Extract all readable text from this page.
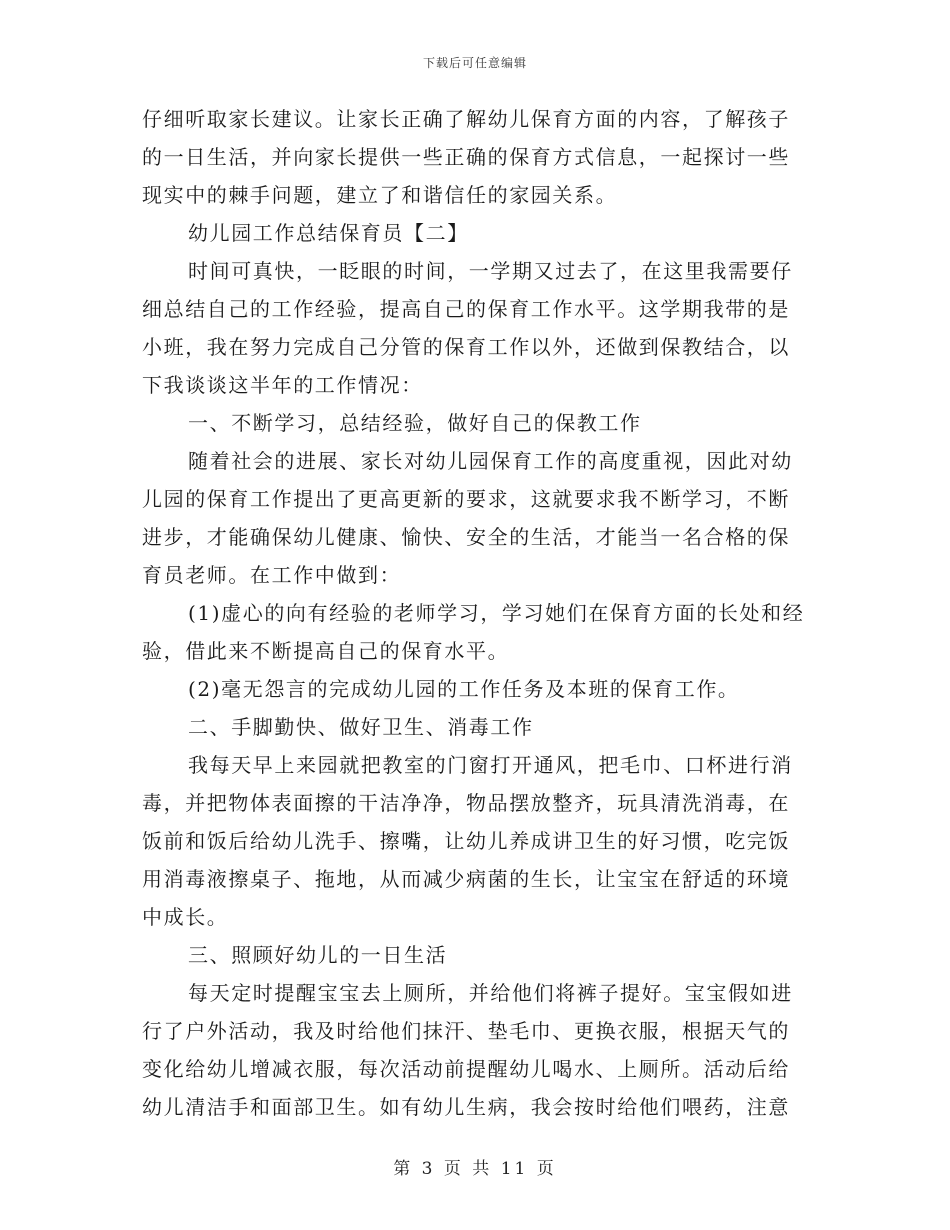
下载后可任意编辑
仔细听取家长建议。让家长正确了解幼儿保育方面的内容，了解孩子
的一日生活，并向家长提供一些正确的保育方式信息，一起探讨一些
现实中的棘手问题，建立了和谐信任的家园关系。
幼儿园工作总结保育员【二】
时间可真快，一眨眼的时间，一学期又过去了，在这里我需要仔
细总结自己的工作经验，提高自己的保育工作水平。这学期我带的是
小班，我在努力完成自己分管的保育工作以外，还做到保教结合，以
下我谈谈这半年的工作情况：
一、不断学习，总结经验，做好自己的保教工作
随着社会的进展、家长对幼儿园保育工作的高度重视，因此对幼
儿园的保育工作提出了更高更新的要求，这就要求我不断学习，不断
进步，才能确保幼儿健康、愉快、安全的生活，才能当一名合格的保
育员老师。在工作中做到：
(1)虚心的向有经验的老师学习，学习她们在保育方面的长处和经
验，借此来不断提高自己的保育水平。
(2)毫无怨言的完成幼儿园的工作任务及本班的保育工作。
二、手脚勤快、做好卫生、消毒工作
我每天早上来园就把教室的门窗打开通风，把毛巾、口杯进行消
毒，并把物体表面擦的干洁净净，物品摆放整齐，玩具清洗消毒，在
饭前和饭后给幼儿洗手、擦嘴，让幼儿养成讲卫生的好习惯，吃完饭
用消毒液擦桌子、拖地，从而减少病菌的生长，让宝宝在舒适的环境
中成长。
三、照顾好幼儿的一日生活
每天定时提醒宝宝去上厕所，并给他们将裤子提好。宝宝假如进
行了户外活动，我及时给他们抹汗、垫毛巾、更换衣服，根据天气的
变化给幼儿增减衣服，每次活动前提醒幼儿喝水、上厕所。活动后给
幼儿清洁手和面部卫生。如有幼儿生病，我会按时给他们喂药，注意
第 3 页 共 11 页
